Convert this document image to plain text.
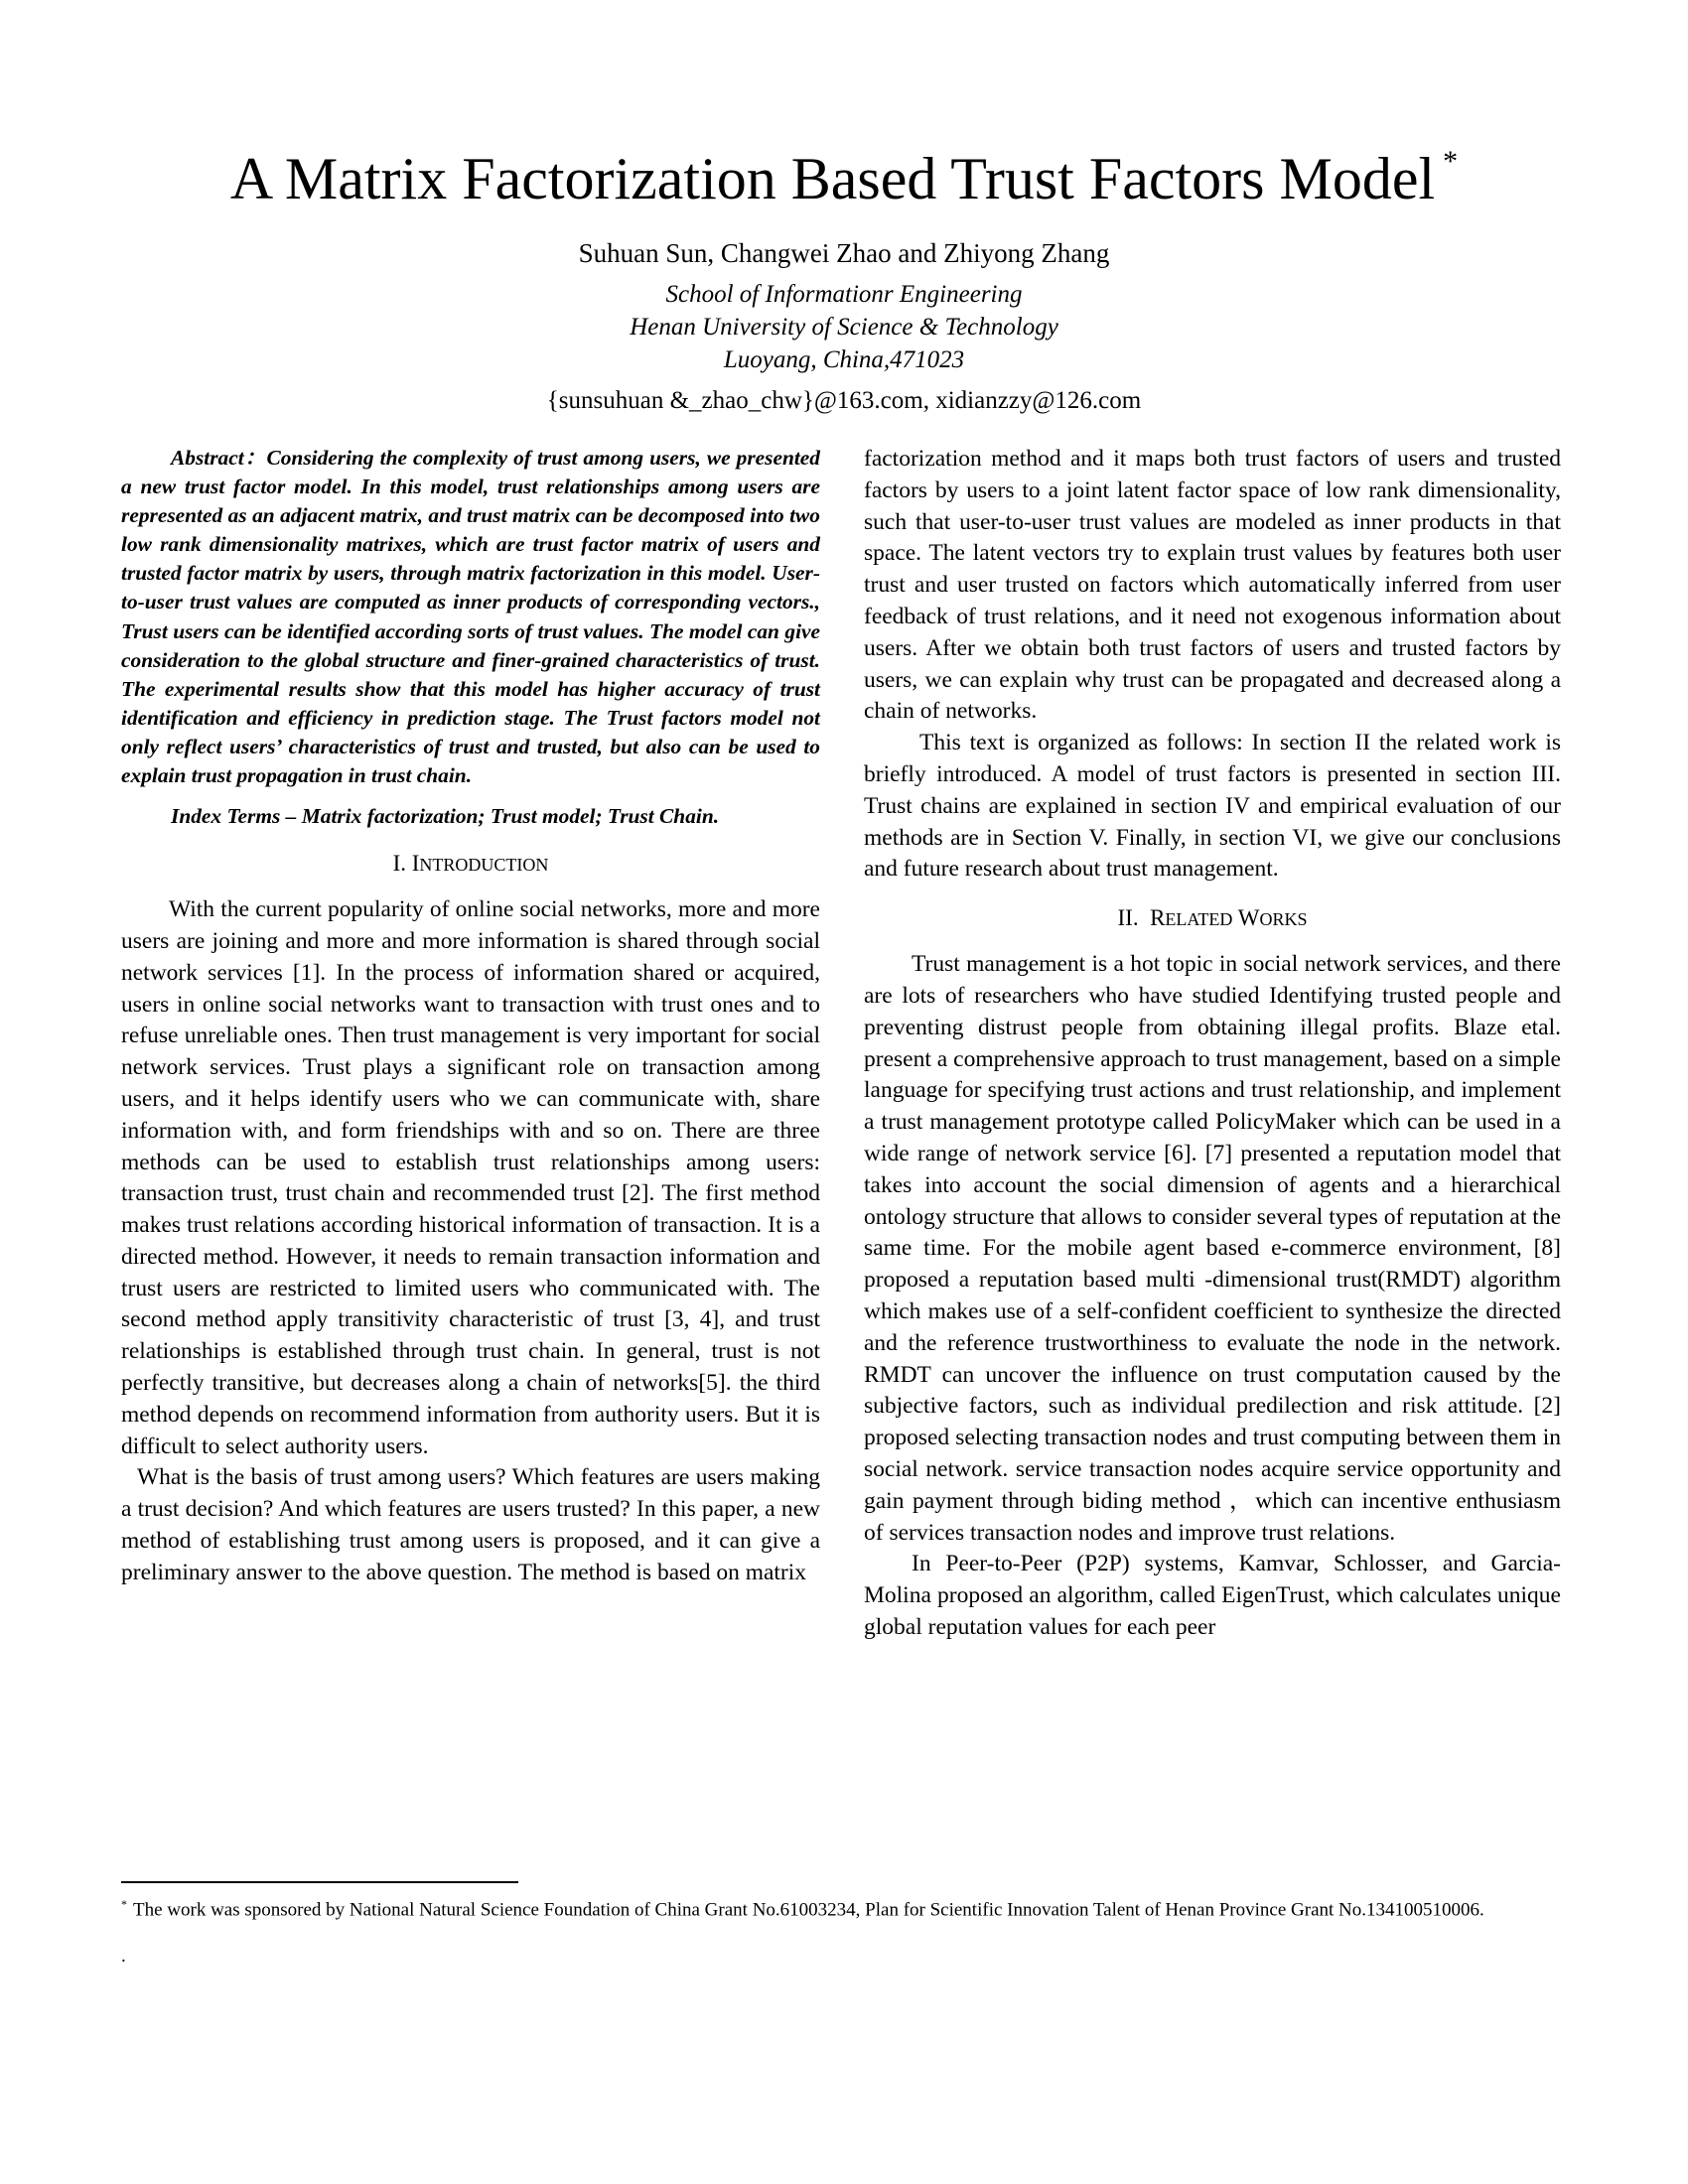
A Matrix Factorization Based Trust Factors Model *
Suhuan Sun, Changwei Zhao and Zhiyong Zhang
School of Informationr Engineering
Henan University of Science & Technology
Luoyang, China,471023
{sunsuhuan &_zhao_chw}@163.com, xidianzzy@126.com

Abstract：Considering the complexity of trust among users, we presented a new trust factor model. In this model, trust relationships among users are represented as an adjacent matrix, and trust matrix can be decomposed into two low rank dimensionality matrixes, which are trust factor matrix of users and trusted factor matrix by users, through matrix factorization in this model. User-to-user trust values are computed as inner products of corresponding vectors., Trust users can be identified according sorts of trust values. The model can give consideration to the global structure and finer-grained characteristics of trust. The experimental results show that this model has higher accuracy of trust identification and efficiency in prediction stage. The Trust factors model not only reflect users’ characteristics of trust and trusted, but also can be used to explain trust propagation in trust chain.

Index Terms – Matrix factorization; Trust model; Trust Chain.

I. INTRODUCTION

With the current popularity of online social networks, more and more users are joining and more and more information is shared through social network services [1]. In the process of information shared or acquired, users in online social networks want to transaction with trust ones and to refuse unreliable ones. Then trust management is very important for social network services. Trust plays a significant role on transaction among users, and it helps identify users who we can communicate with, share information with, and form friendships with and so on. There are three methods can be used to establish trust relationships among users: transaction trust, trust chain and recommended trust [2]. The first method makes trust relations according historical information of transaction. It is a directed method. However, it needs to remain transaction information and trust users are restricted to limited users who communicated with. The second method apply transitivity characteristic of trust [3, 4], and trust relationships is established through trust chain. In general, trust is not perfectly transitive, but decreases along a chain of networks[5]. the third method depends on recommend information from authority users. But it is difficult to select authority users.

What is the basis of trust among users? Which features are users making a trust decision? And which features are users trusted? In this paper, a new method of establishing trust among users is proposed, and it can give a preliminary answer to the above question. The method is based on matrix

factorization method and it maps both trust factors of users and trusted factors by users to a joint latent factor space of low rank dimensionality, such that user-to-user trust values are modeled as inner products in that space. The latent vectors try to explain trust values by features both user trust and user trusted on factors which automatically inferred from user feedback of trust relations, and it need not exogenous information about users. After we obtain both trust factors of users and trusted factors by users, we can explain why trust can be propagated and decreased along a chain of networks.

This text is organized as follows: In section II the related work is briefly introduced. A model of trust factors is presented in section III. Trust chains are explained in section IV and empirical evaluation of our methods are in Section V. Finally, in section VI, we give our conclusions and future research about trust management.

II. RELATED WORKS

Trust management is a hot topic in social network services, and there are lots of researchers who have studied Identifying trusted people and preventing distrust people from obtaining illegal profits. Blaze etal. present a comprehensive approach to trust management, based on a simple language for specifying trust actions and trust relationship, and implement a trust management prototype called PolicyMaker which can be used in a wide range of network service [6]. [7] presented a reputation model that takes into account the social dimension of agents and a hierarchical ontology structure that allows to consider several types of reputation at the same time. For the mobile agent based e-commerce environment, [8] proposed a reputation based multi -dimensional trust(RMDT) algorithm which makes use of a self-confident coefficient to synthesize the directed and the reference trustworthiness to evaluate the node in the network. RMDT can uncover the influence on trust computation caused by the subjective factors, such as individual predilection and risk attitude. [2] proposed selecting transaction nodes and trust computing between them in social network. service transaction nodes acquire service opportunity and gain payment through biding method ，which can incentive enthusiasm of services transaction nodes and improve trust relations.

In Peer-to-Peer (P2P) systems, Kamvar, Schlosser, and Garcia-Molina proposed an algorithm, called EigenTrust, which calculates unique global reputation values for each peer

* The work was sponsored by National Natural Science Foundation of China Grant No.61003234, Plan for Scientific Innovation Talent of Henan Province Grant No.134100510006.
.
